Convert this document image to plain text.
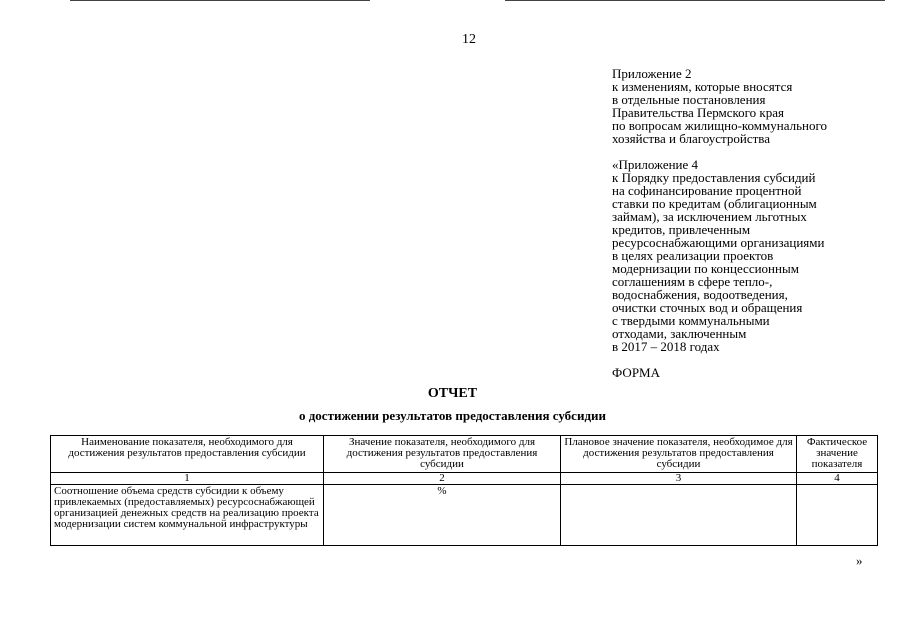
12

Приложение 2
к изменениям, которые вносятся
в отдельные постановления
Правительства Пермского края
по вопросам жилищно-коммунального
хозяйства и благоустройства

«Приложение 4
к Порядку предоставления субсидий
на софинансирование процентной
ставки по кредитам (облигационным
займам), за исключением льготных
кредитов, привлеченным
ресурсоснабжающими организациями
в целях реализации проектов
модернизации по концессионным
соглашениям в сфере тепло-,
водоснабжения, водоотведения,
очистки сточных вод и обращения
с твердыми коммунальными
отходами, заключенным
в 2017 – 2018 годах

ФОРМА
ОТЧЕТ
о достижении результатов предоставления субсидии
Наименование показателя, необходимого для достижения результатов предоставления субсидии	Значение показателя, необходимого для достижения результатов предоставления субсидии	Плановое значение показателя, необходимое для достижения результатов предоставления субсидии	Фактическое значение показателя
1	2	3	4
Соотношение объема средств субсидии к объему привлекаемых (предоставляемых) ресурсоснабжающей организацией денежных средств на реализацию проекта модернизации систем коммунальной инфраструктуры	%		
»
